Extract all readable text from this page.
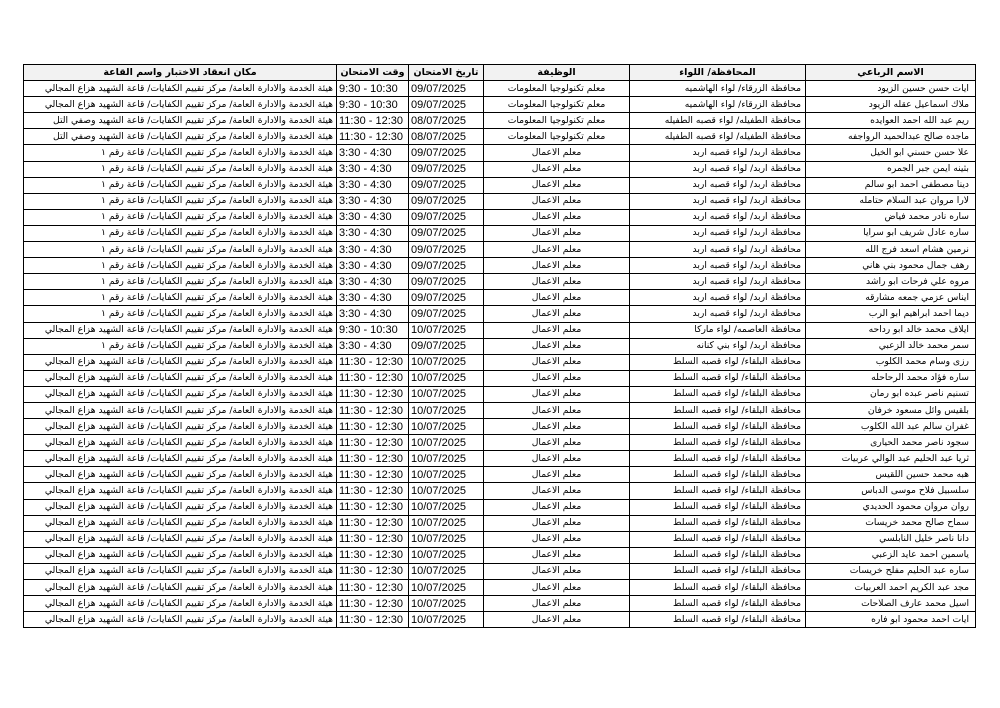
الاسم الرباعي	المحافظة/ اللواء	الوظيفة	تاريخ الامتحان	وقت الامتحان	مكان انعقاد الاختبار واسم القاعة
ايات حسن حسين الزيود	محافظة الزرقاء/ لواء الهاشميه	معلم تكنولوجيا المعلومات	09/07/2025	9:30 - 10:30	هيئة الخدمة والادارة العامة/ مركز تقييم الكفايات/ قاعة الشهيد هزاع المجالي
ملاك اسماعيل عقله الزيود	محافظة الزرقاء/ لواء الهاشميه	معلم تكنولوجيا المعلومات	09/07/2025	9:30 - 10:30	هيئة الخدمة والادارة العامة/ مركز تقييم الكفايات/ قاعة الشهيد هزاع المجالي
ريم عبد الله احمد العوايده	محافظة الطفيله/ لواء قصبه الطفيله	معلم تكنولوجيا المعلومات	08/07/2025	11:30 - 12:30	هيئة الخدمة والادارة العامة/ مركز تقييم الكفايات/ قاعة الشهيد وصفي التل
ماجده صالح عبدالحميد الرواجفه	محافظة الطفيله/ لواء قصبه الطفيله	معلم تكنولوجيا المعلومات	08/07/2025	11:30 - 12:30	هيئة الخدمة والادارة العامة/ مركز تقييم الكفايات/ قاعة الشهيد وصفي التل
علا حسن حسني ابو الخيل	محافظة اربد/ لواء قصبه اربد	معلم الاعمال	09/07/2025	3:30 - 4:30	هيئة الخدمة والادارة العامة/ مركز تقييم الكفايات/ قاعة رقم ١
بثينه ايمن جبر الجمره	محافظة اربد/ لواء قصبه اربد	معلم الاعمال	09/07/2025	3:30 - 4:30	هيئة الخدمة والادارة العامة/ مركز تقييم الكفايات/ قاعة رقم ١
دينا مصطفى احمد ابو سالم	محافظة اربد/ لواء قصبه اربد	معلم الاعمال	09/07/2025	3:30 - 4:30	هيئة الخدمة والادارة العامة/ مركز تقييم الكفايات/ قاعة رقم ١
لارا مروان عبد السلام حتامله	محافظة اربد/ لواء قصبه اربد	معلم الاعمال	09/07/2025	3:30 - 4:30	هيئة الخدمة والادارة العامة/ مركز تقييم الكفايات/ قاعة رقم ١
ساره نادر محمد فياض	محافظة اربد/ لواء قصبه اربد	معلم الاعمال	09/07/2025	3:30 - 4:30	هيئة الخدمة والادارة العامة/ مركز تقييم الكفايات/ قاعة رقم ١
ساره عادل شريف ابو سرايا	محافظة اربد/ لواء قصبه اربد	معلم الاعمال	09/07/2025	3:30 - 4:30	هيئة الخدمة والادارة العامة/ مركز تقييم الكفايات/ قاعة رقم ١
نرمين هشام اسعد فرج الله	محافظة اربد/ لواء قصبه اربد	معلم الاعمال	09/07/2025	3:30 - 4:30	هيئة الخدمة والادارة العامة/ مركز تقييم الكفايات/ قاعة رقم ١
رهف جمال محمود بني هاني	محافظة اربد/ لواء قصبه اربد	معلم الاعمال	09/07/2025	3:30 - 4:30	هيئة الخدمة والادارة العامة/ مركز تقييم الكفايات/ قاعة رقم ١
مروه علي فرحات ابو راشد	محافظة اربد/ لواء قصبه اربد	معلم الاعمال	09/07/2025	3:30 - 4:30	هيئة الخدمة والادارة العامة/ مركز تقييم الكفايات/ قاعة رقم ١
ايناس عزمي جمعه مشارقه	محافظة اربد/ لواء قصبه اربد	معلم الاعمال	09/07/2025	3:30 - 4:30	هيئة الخدمة والادارة العامة/ مركز تقييم الكفايات/ قاعة رقم ١
ديما احمد ابراهيم ابو الرب	محافظة اربد/ لواء قصبه اربد	معلم الاعمال	09/07/2025	3:30 - 4:30	هيئة الخدمة والادارة العامة/ مركز تقييم الكفايات/ قاعة رقم ١
ايلاف محمد خالد ابو رداحه	محافظة العاصمه/ لواء ماركا	معلم الاعمال	10/07/2025	9:30 - 10:30	هيئة الخدمة والادارة العامة/ مركز تقييم الكفايات/ قاعة الشهيد هزاع المجالي
سمر محمد خالد الزعبي	محافظة اربد/ لواء بني كنانه	معلم الاعمال	09/07/2025	3:30 - 4:30	هيئة الخدمة والادارة العامة/ مركز تقييم الكفايات/ قاعة رقم ١
رزى وسام محمد الكلوب	محافظة البلقاء/ لواء قصبه السلط	معلم الاعمال	10/07/2025	11:30 - 12:30	هيئة الخدمة والادارة العامة/ مركز تقييم الكفايات/ قاعة الشهيد هزاع المجالي
ساره فؤاد محمد الرحاحله	محافظة البلقاء/ لواء قصبه السلط	معلم الاعمال	10/07/2025	11:30 - 12:30	هيئة الخدمة والادارة العامة/ مركز تقييم الكفايات/ قاعة الشهيد هزاع المجالي
تسنيم ناصر عبده ابو رمان	محافظة البلقاء/ لواء قصبه السلط	معلم الاعمال	10/07/2025	11:30 - 12:30	هيئة الخدمة والادارة العامة/ مركز تقييم الكفايات/ قاعة الشهيد هزاع المجالي
بلقيس وائل مسعود خرفان	محافظة البلقاء/ لواء قصبه السلط	معلم الاعمال	10/07/2025	11:30 - 12:30	هيئة الخدمة والادارة العامة/ مركز تقييم الكفايات/ قاعة الشهيد هزاع المجالي
غفران سالم عبد الله الكلوب	محافظة البلقاء/ لواء قصبه السلط	معلم الاعمال	10/07/2025	11:30 - 12:30	هيئة الخدمة والادارة العامة/ مركز تقييم الكفايات/ قاعة الشهيد هزاع المجالي
سجود ناصر محمد الحيارى	محافظة البلقاء/ لواء قصبه السلط	معلم الاعمال	10/07/2025	11:30 - 12:30	هيئة الخدمة والادارة العامة/ مركز تقييم الكفايات/ قاعة الشهيد هزاع المجالي
ثريا عبد الحليم عبد الوالي عربيات	محافظة البلقاء/ لواء قصبه السلط	معلم الاعمال	10/07/2025	11:30 - 12:30	هيئة الخدمة والادارة العامة/ مركز تقييم الكفايات/ قاعة الشهيد هزاع المجالي
هبه محمد حسين اللقيس	محافظة البلقاء/ لواء قصبه السلط	معلم الاعمال	10/07/2025	11:30 - 12:30	هيئة الخدمة والادارة العامة/ مركز تقييم الكفايات/ قاعة الشهيد هزاع المجالي
سلسبيل فلاح موسى الدباس	محافظة البلقاء/ لواء قصبه السلط	معلم الاعمال	10/07/2025	11:30 - 12:30	هيئة الخدمة والادارة العامة/ مركز تقييم الكفايات/ قاعة الشهيد هزاع المجالي
روان مروان محمود الحديدي	محافظة البلقاء/ لواء قصبه السلط	معلم الاعمال	10/07/2025	11:30 - 12:30	هيئة الخدمة والادارة العامة/ مركز تقييم الكفايات/ قاعة الشهيد هزاع المجالي
سماح صالح محمد خريسات	محافظة البلقاء/ لواء قصبه السلط	معلم الاعمال	10/07/2025	11:30 - 12:30	هيئة الخدمة والادارة العامة/ مركز تقييم الكفايات/ قاعة الشهيد هزاع المجالي
دانا ناصر خليل النابلسي	محافظة البلقاء/ لواء قصبه السلط	معلم الاعمال	10/07/2025	11:30 - 12:30	هيئة الخدمة والادارة العامة/ مركز تقييم الكفايات/ قاعة الشهيد هزاع المجالي
ياسمين احمد عايد الزعبي	محافظة البلقاء/ لواء قصبه السلط	معلم الاعمال	10/07/2025	11:30 - 12:30	هيئة الخدمة والادارة العامة/ مركز تقييم الكفايات/ قاعة الشهيد هزاع المجالي
ساره عبد الحليم مفلح خريسات	محافظة البلقاء/ لواء قصبه السلط	معلم الاعمال	10/07/2025	11:30 - 12:30	هيئة الخدمة والادارة العامة/ مركز تقييم الكفايات/ قاعة الشهيد هزاع المجالي
مجد عبد الكريم احمد العربيات	محافظة البلقاء/ لواء قصبه السلط	معلم الاعمال	10/07/2025	11:30 - 12:30	هيئة الخدمة والادارة العامة/ مركز تقييم الكفايات/ قاعة الشهيد هزاع المجالي
اسيل محمد عارف الصلاحات	محافظة البلقاء/ لواء قصبه السلط	معلم الاعمال	10/07/2025	11:30 - 12:30	هيئة الخدمة والادارة العامة/ مركز تقييم الكفايات/ قاعة الشهيد هزاع المجالي
ايات احمد محمود ابو فاره	محافظة البلقاء/ لواء قصبه السلط	معلم الاعمال	10/07/2025	11:30 - 12:30	هيئة الخدمة والادارة العامة/ مركز تقييم الكفايات/ قاعة الشهيد هزاع المجالي
